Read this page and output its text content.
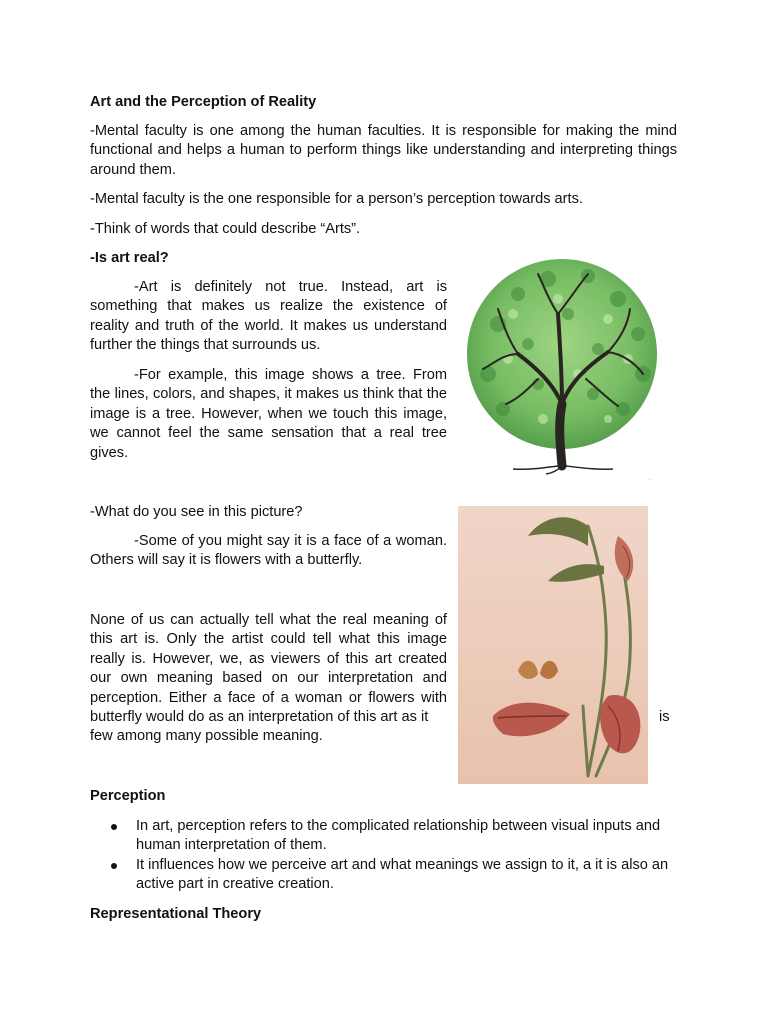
Art and the Perception of Reality

-Mental faculty is one among the human faculties. It is responsible for making the mind functional and helps a human to perform things like understanding and interpreting things around them.

-Mental faculty is the one responsible for a person’s perception towards arts.

-Think of words that could describe “Arts”.

-Is art real?

-Art is definitely not true. Instead, art is something that makes us realize the existence of reality and truth of the world. It makes us understand further the things that surrounds us.

-For example, this image shows a tree. From the lines, colors, and shapes, it makes us think that the image is a tree. However, when we touch this image, we cannot feel the same sensation that a real tree gives.

...

-What do you see in this picture?

-Some of you might say it is a face of a woman. Others will say it is flowers with a butterfly.

None of us can actually tell what the real meaning of this art is. Only the artist could tell what this image really is. However, we, as viewers of this art created our own meaning based on our interpretation and perception. Either a face of a woman or flowers with butterfly would do as an interpretation of this art as it	is

few among many possible meaning.

Perception

In art, perception refers to the complicated relationship between visual inputs and human interpretation of them.
It influences how we perceive art and what meanings we assign to it, a it is also an active part in creative creation.

Representational Theory
